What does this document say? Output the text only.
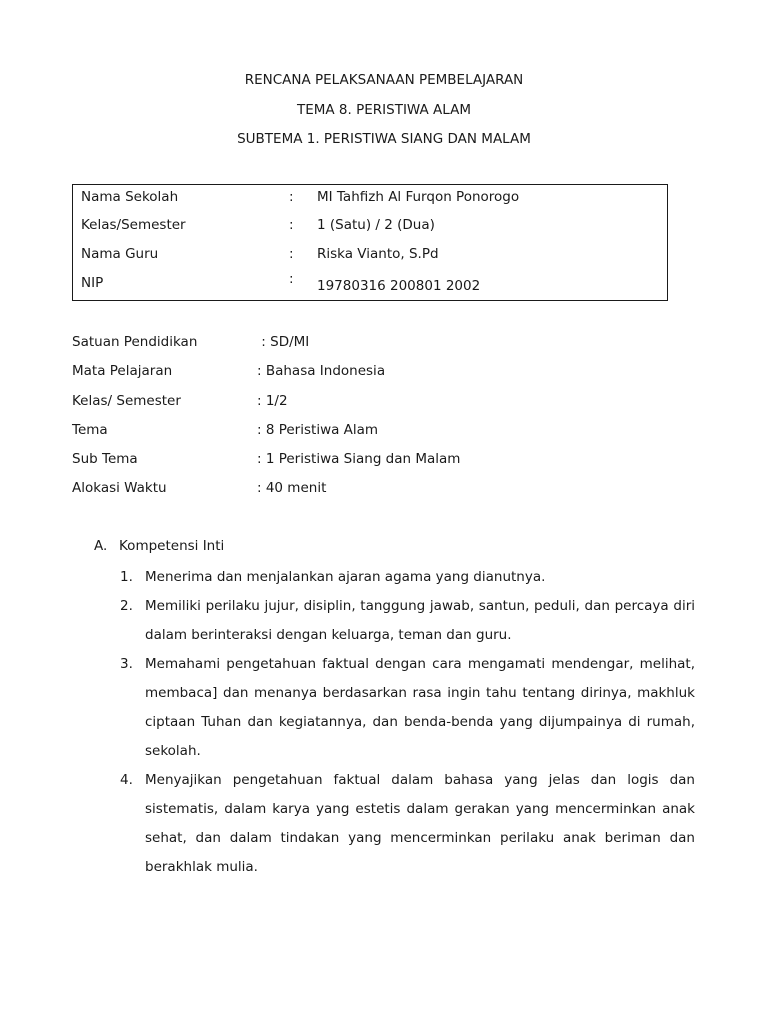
RENCANA PELAKSANAAN PEMBELAJARAN
TEMA 8. PERISTIWA ALAM
SUBTEMA 1. PERISTIWA SIANG DAN MALAM
Nama Sekolah	: MI Tahfizh Al Furqon Ponorogo
Kelas/Semester	: 1 (Satu) / 2 (Dua)
Nama Guru	: Riska Vianto, S.Pd
NIP	: 19780316 200801 2002
Satuan Pendidikan	: SD/MI
Mata Pelajaran	: Bahasa Indonesia
Kelas/ Semester	: 1/2
Tema	: 8 Peristiwa Alam
Sub Tema	: 1 Peristiwa Siang dan Malam
Alokasi Waktu	: 40 menit
A. Kompetensi Inti
1. Menerima dan menjalankan ajaran agama yang dianutnya.
2. Memiliki perilaku jujur, disiplin, tanggung jawab, santun, peduli, dan percaya diri dalam berinteraksi dengan keluarga, teman dan guru.
3. Memahami pengetahuan faktual dengan cara mengamati mendengar, melihat, membaca] dan menanya berdasarkan rasa ingin tahu tentang dirinya, makhluk ciptaan Tuhan dan kegiatannya, dan benda-benda yang dijumpainya di rumah, sekolah.
4. Menyajikan pengetahuan faktual dalam bahasa yang jelas dan logis dan sistematis, dalam karya yang estetis dalam gerakan yang mencerminkan anak sehat, dan dalam tindakan yang mencerminkan perilaku anak beriman dan berakhlak mulia.
